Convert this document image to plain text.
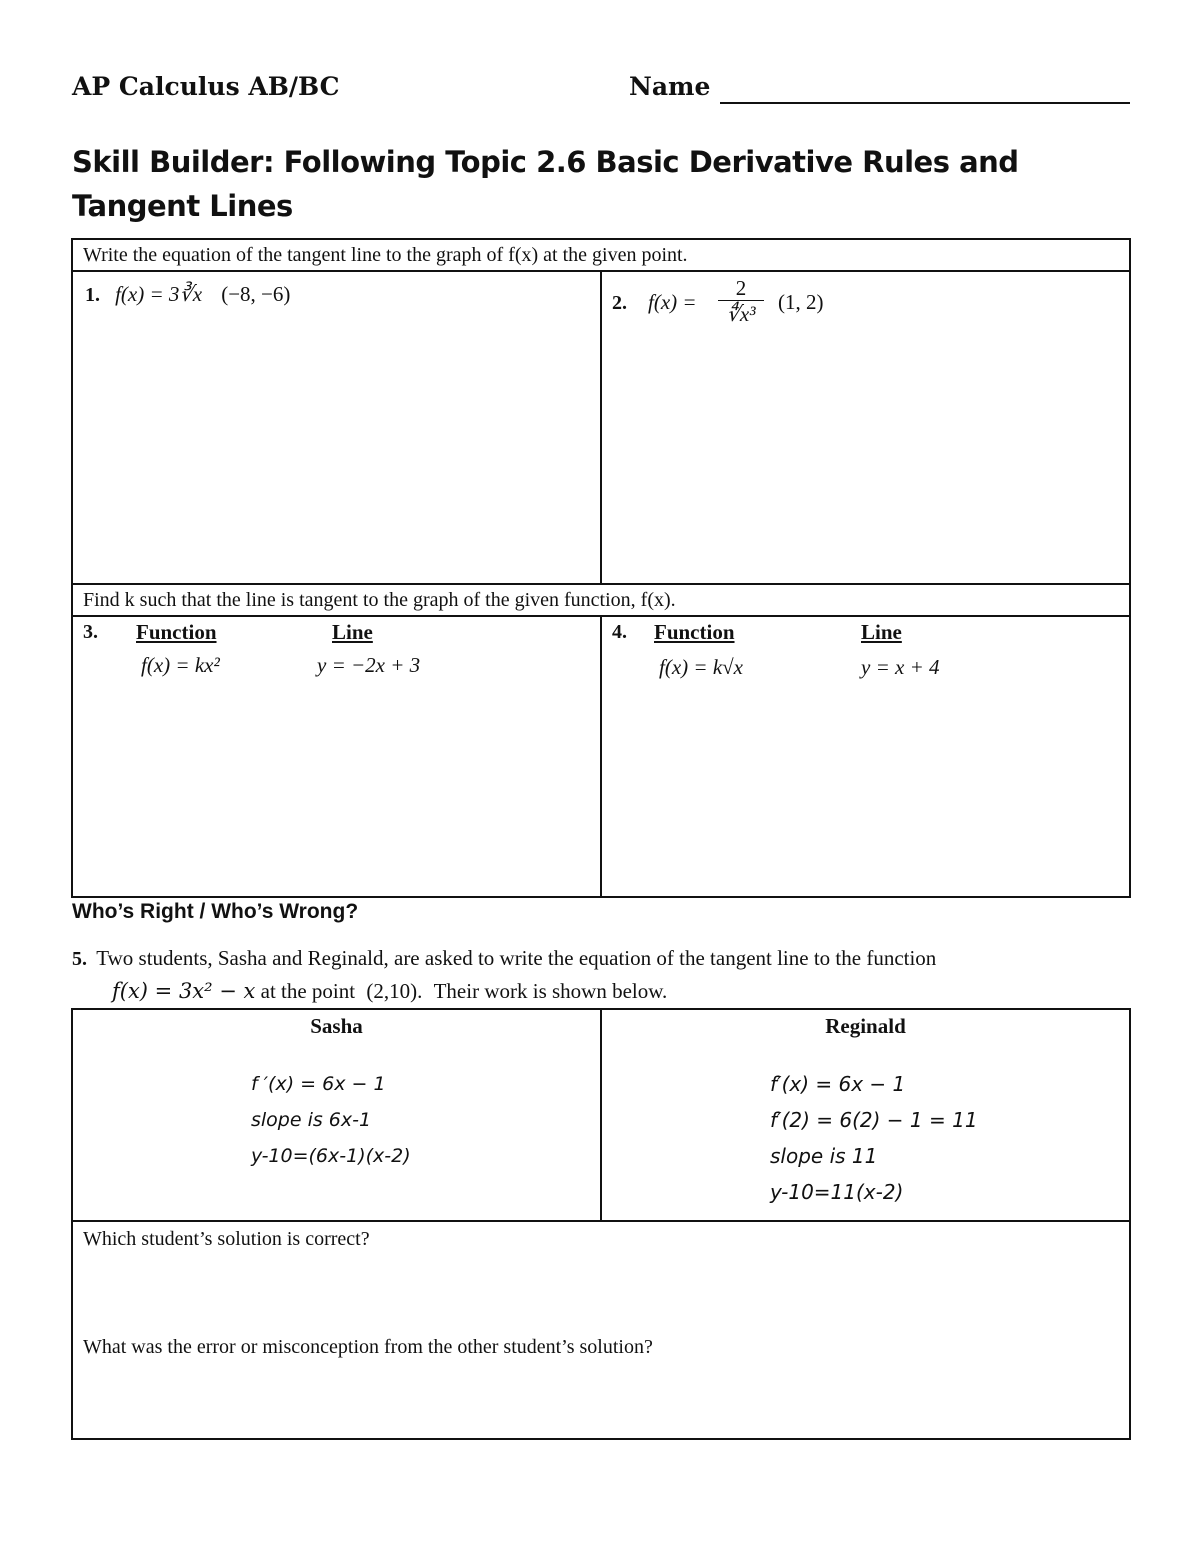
AP Calculus AB/BC	Name
Skill Builder: Following Topic 2.6 Basic Derivative Rules and Tangent Lines
Write the equation of the tangent line to the graph of f(x) at the given point.
1. f(x) = 3∛x (−8, −6)	2. $f(x) = \frac{2}{\text{∜x³}} (1$, 2)
Find k such that the line is tangent to the graph of the given function, f(x).
3. Function	Line
f(x) = kx²	y = −2x + 3
4. Function	Line
f(x) = k√x	y = x + 4
Who’s Right / Who’s Wrong?
5. Two students, Sasha and Reginald, are asked to write the equation of the tangent line to the function
f(x) = 3x² − x at the point (2,10). Their work is shown below.
Sasha
f ′(x) = 6x − 1
slope is 6x-1
y-10=(6x-1)(x-2)
Reginald
f′(x) = 6x − 1
f′(2) = 6(2) − 1 = 11
slope is 11
y-10=11(x-2)
Which student’s solution is correct?
What was the error or misconception from the other student’s solution?
